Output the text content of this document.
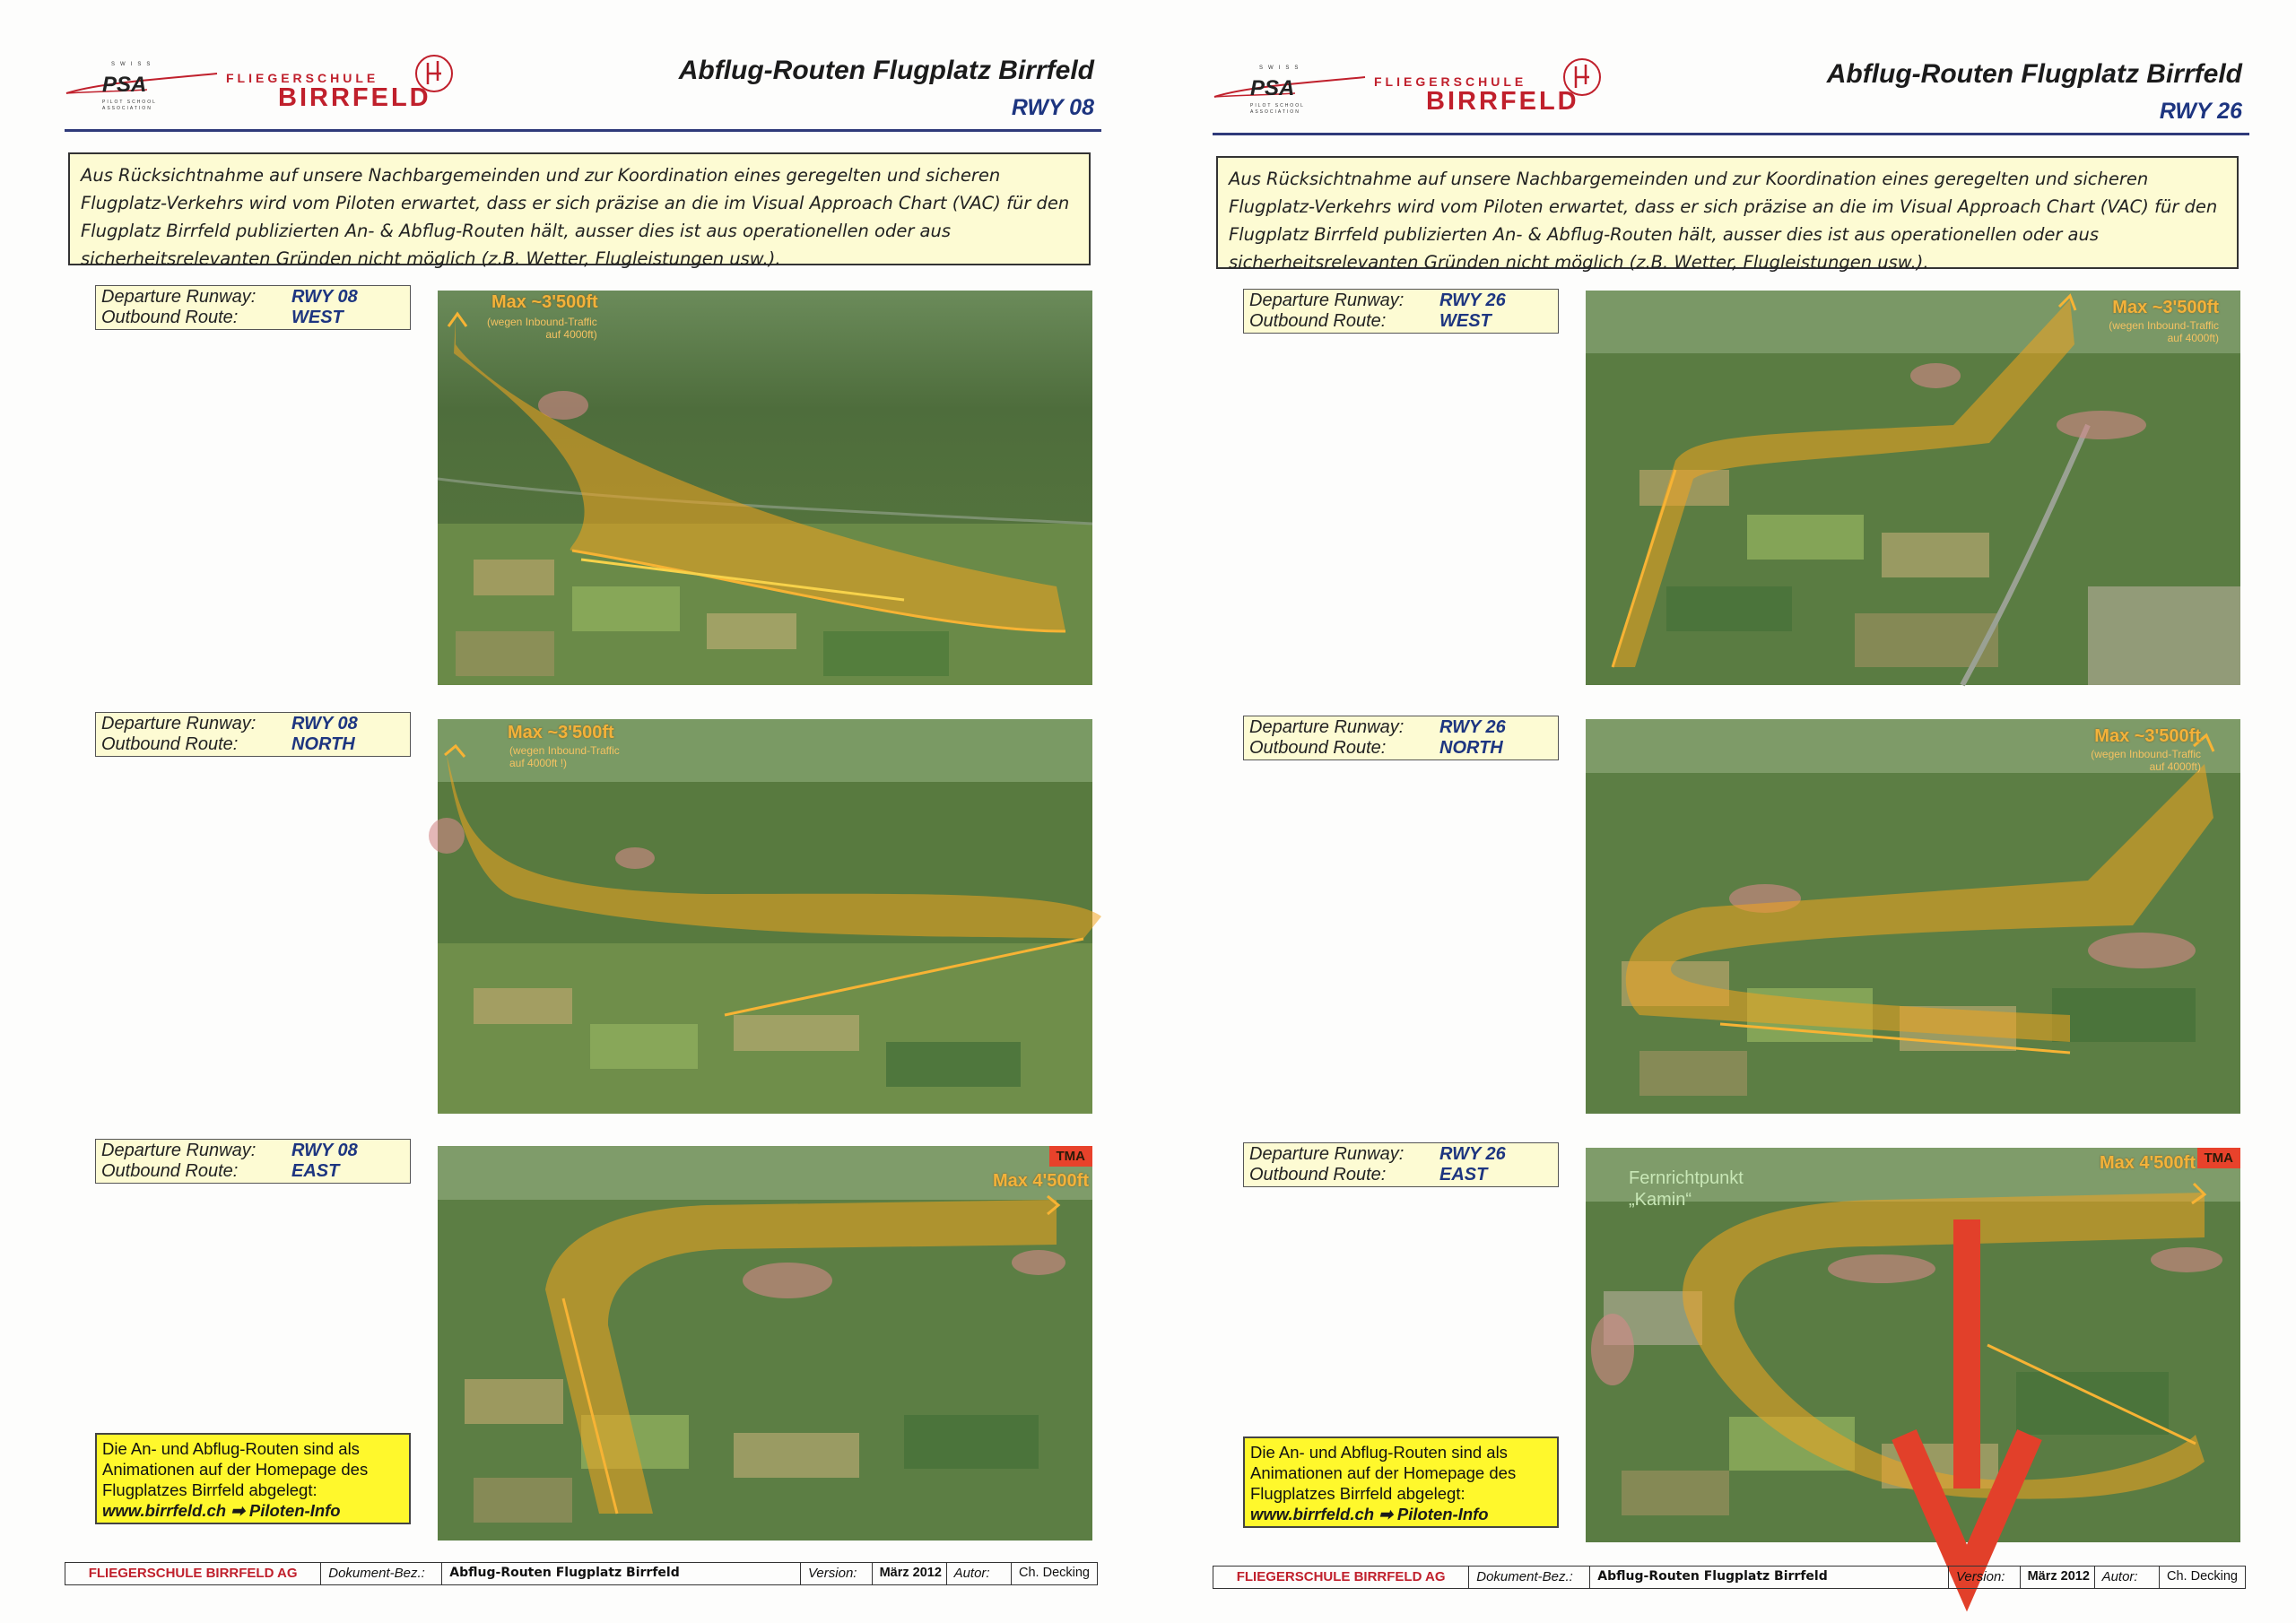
SWISS
PSA
PILOT SCHOOL
ASSOCIATION
FLIEGERSCHULE
BIRRFELD
Abflug-Routen Flugplatz Birrfeld
RWY 08
Aus Rücksichtnahme auf unsere Nachbargemeinden und zur Koordination eines geregelten und sicheren Flugplatz-Verkehrs wird vom Piloten erwartet, dass er sich präzise an die im Visual Approach Chart (VAC) für den Flugplatz Birrfeld publizierten An- & Abflug-Routen hält, ausser dies ist aus operationellen oder aus sicherheitsrelevanten Gründen nicht möglich (z.B. Wetter, Flugleistungen usw.).
Departure Runway:	RWY 08
Outbound Route:	WEST
Max ~3'500ft
(wegen Inbound-Traffic
auf 4000ft)
Departure Runway:	RWY 08
Outbound Route:	NORTH
Max ~3'500ft
(wegen Inbound-Traffic
auf 4000ft !)
Departure Runway:	RWY 08
Outbound Route:	EAST	Max 4'500ft
TMA
Die An- und Abflug-Routen sind als
Animationen auf der Homepage des
Flugplatzes Birrfeld abgelegt:
www.birrfeld.ch ➡ Piloten-Info
FLIEGERSCHULE BIRRFELD AG	Dokument-Bez.:	Abflug-Routen Flugplatz Birrfeld	Version:	März 2012 Autor:	Ch. Decking
SWISS
PSA
PILOT SCHOOL
ASSOCIATION
FLIEGERSCHULE
BIRRFELD
Abflug-Routen Flugplatz Birrfeld
RWY 26
Aus Rücksichtnahme auf unsere Nachbargemeinden und zur Koordination eines geregelten und sicheren Flugplatz-Verkehrs wird vom Piloten erwartet, dass er sich präzise an die im Visual Approach Chart (VAC) für den Flugplatz Birrfeld publizierten An- & Abflug-Routen hält, ausser dies ist aus operationellen oder aus sicherheitsrelevanten Gründen nicht möglich (z.B. Wetter, Flugleistungen usw.).
Departure Runway:	RWY 26
Outbound Route:	WEST
Max ~3'500ft
(wegen Inbound-Traffic
auf 4000ft)
Departure Runway:	RWY 26
Outbound Route:	NORTH
Max ~3'500ft
(wegen Inbound-Traffic
auf 4000ft)
Departure Runway:	RWY 26
Outbound Route:	EAST
Max 4'500ft TMA
Fernrichtpunkt
„Kamin“
Die An- und Abflug-Routen sind als
Animationen auf der Homepage des
Flugplatzes Birrfeld abgelegt:
www.birrfeld.ch ➡ Piloten-Info
FLIEGERSCHULE BIRRFELD AG	Dokument-Bez.:	Abflug-Routen Flugplatz Birrfeld	Version:	März 2012 Autor:	Ch. Decking
